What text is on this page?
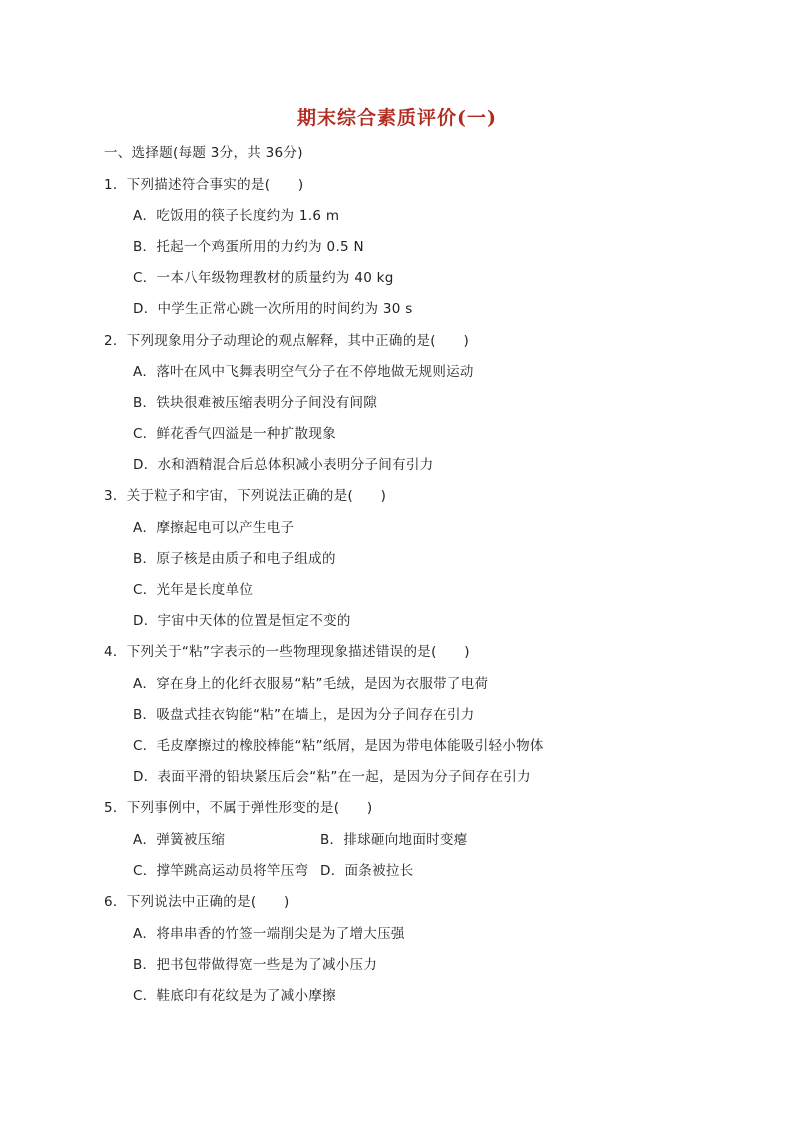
期末综合素质评价(一)
一、选择题(每题 3分，共 36分)
1．下列描述符合事实的是(　　)
A．吃饭用的筷子长度约为 1.6 m
B．托起一个鸡蛋所用的力约为 0.5 N
C．一本八年级物理教材的质量约为 40 kg
D．中学生正常心跳一次所用的时间约为 30 s
2．下列现象用分子动理论的观点解释，其中正确的是(　　)
A．落叶在风中飞舞表明空气分子在不停地做无规则运动
B．铁块很难被压缩表明分子间没有间隙
C．鲜花香气四溢是一种扩散现象
D．水和酒精混合后总体积减小表明分子间有引力
3．关于粒子和宇宙，下列说法正确的是(　　)
A．摩擦起电可以产生电子
B．原子核是由质子和电子组成的
C．光年是长度单位
D．宇宙中天体的位置是恒定不变的
4．下列关于“粘”字表示的一些物理现象描述错误的是(　　)
A．穿在身上的化纤衣服易“粘”毛绒，是因为衣服带了电荷
B．吸盘式挂衣钩能“粘”在墙上，是因为分子间存在引力
C．毛皮摩擦过的橡胶棒能“粘”纸屑，是因为带电体能吸引轻小物体
D．表面平滑的铅块紧压后会“粘”在一起，是因为分子间存在引力
5．下列事例中，不属于弹性形变的是(　　)
A．弹簧被压缩	B．排球砸向地面时变瘪
C．撑竿跳高运动员将竿压弯 D．面条被拉长
6．下列说法中正确的是(　　)
A．将串串香的竹签一端削尖是为了增大压强
B．把书包带做得宽一些是为了减小压力
C．鞋底印有花纹是为了减小摩擦
